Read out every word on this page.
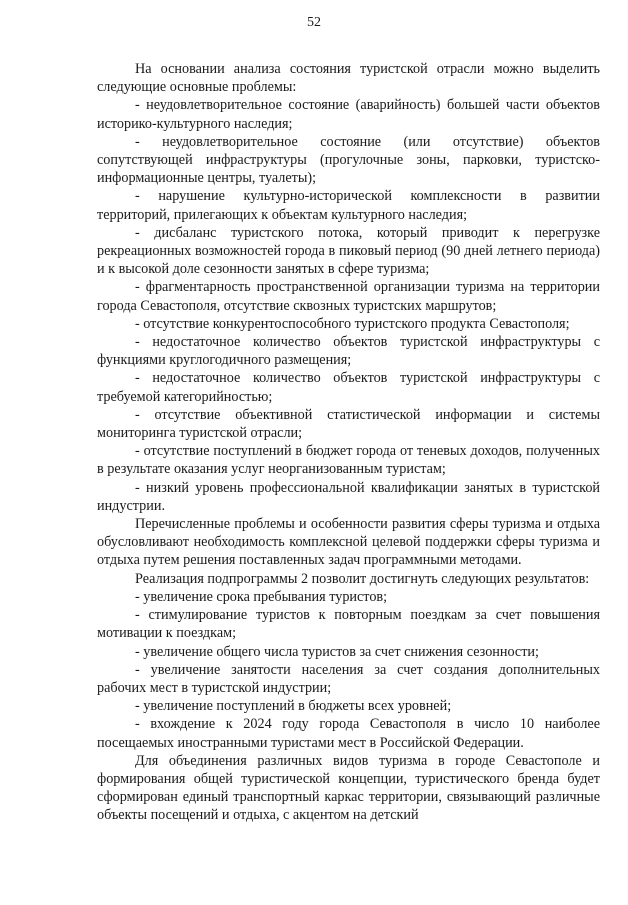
52

На основании анализа состояния туристской отрасли можно выделить следующие основные проблемы:

- неудовлетворительное состояние (аварийность) большей части объектов историко-культурного наследия;

- неудовлетворительное состояние (или отсутствие) объектов сопутствующей инфраструктуры (прогулочные зоны, парковки, туристско-информационные центры, туалеты);

- нарушение культурно-исторической комплексности в развитии территорий, прилегающих к объектам культурного наследия;

- дисбаланс туристского потока, который приводит к перегрузке рекреационных возможностей города в пиковый период (90 дней летнего периода) и к высокой доле сезонности занятых в сфере туризма;

- фрагментарность пространственной организации туризма на территории города Севастополя, отсутствие сквозных туристских маршрутов;

- отсутствие конкурентоспособного туристского продукта Севастополя;

- недостаточное количество объектов туристской инфраструктуры с функциями круглогодичного размещения;

- недостаточное количество объектов туристской инфраструктуры с требуемой категорийностью;

- отсутствие объективной статистической информации и системы мониторинга туристской отрасли;

- отсутствие поступлений в бюджет города от теневых доходов, полученных в результате оказания услуг неорганизованным туристам;

- низкий уровень профессиональной квалификации занятых в туристской индустрии.

Перечисленные проблемы и особенности развития сферы туризма и отдыха обусловливают необходимость комплексной целевой поддержки сферы туризма и отдыха путем решения поставленных задач программными методами.

Реализация подпрограммы 2 позволит достигнуть следующих результатов:

- увеличение срока пребывания туристов;

- стимулирование туристов к повторным поездкам за счет повышения мотивации к поездкам;

- увеличение общего числа туристов за счет снижения сезонности;

- увеличение занятости населения за счет создания дополнительных рабочих мест в туристской индустрии;

- увеличение поступлений в бюджеты всех уровней;

- вхождение к 2024 году города Севастополя в число 10 наиболее посещаемых иностранными туристами мест в Российской Федерации.

Для объединения различных видов туризма в городе Севастополе и формирования общей туристической концепции, туристического бренда будет сформирован единый транспортный каркас территории, связывающий различные объекты посещений и отдыха, с акцентом на детский
